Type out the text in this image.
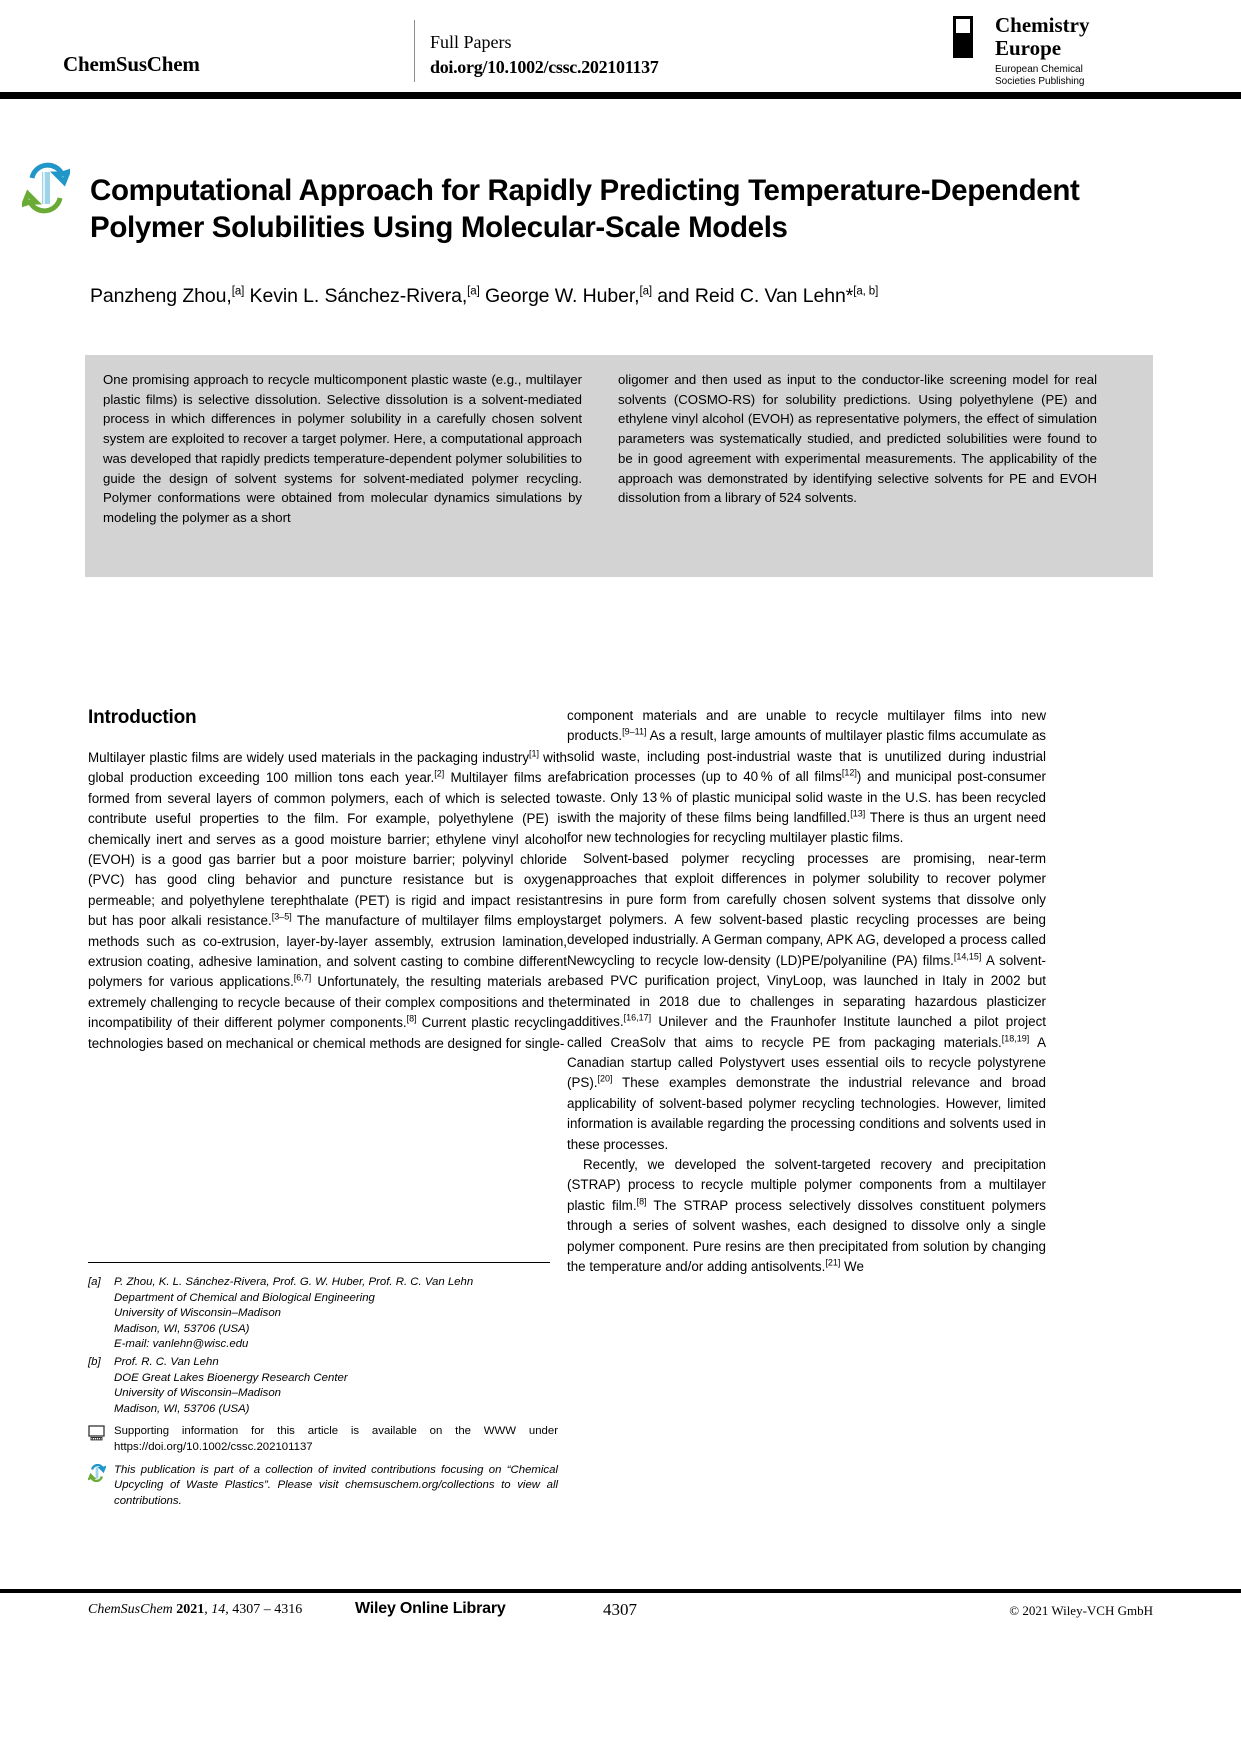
ChemSusChem
Full Papers
doi.org/10.1002/cssc.202101137
Chemistry
Europe
European Chemical
Societies Publishing
Computational Approach for Rapidly Predicting Temperature-Dependent Polymer Solubilities Using Molecular-Scale Models
Panzheng Zhou,[a] Kevin L. Sánchez-Rivera,[a] George W. Huber,[a] and Reid C. Van Lehn*[a, b]
One promising approach to recycle multicomponent plastic waste (e.g., multilayer plastic films) is selective dissolution. Selective dissolution is a solvent-mediated process in which differences in polymer solubility in a carefully chosen solvent system are exploited to recover a target polymer. Here, a computational approach was developed that rapidly predicts temperature-dependent polymer solubilities to guide the design of solvent systems for solvent-mediated polymer recycling. Polymer conformations were obtained from molecular dynamics simulations by modeling the polymer as a short
oligomer and then used as input to the conductor-like screening model for real solvents (COSMO-RS) for solubility predictions. Using polyethylene (PE) and ethylene vinyl alcohol (EVOH) as representative polymers, the effect of simulation parameters was systematically studied, and predicted solubilities were found to be in good agreement with experimental measurements. The applicability of the approach was demonstrated by identifying selective solvents for PE and EVOH dissolution from a library of 524 solvents.
Introduction

Multilayer plastic films are widely used materials in the packaging industry[1] with global production exceeding 100 million tons each year.[2] Multilayer films are formed from several layers of common polymers, each of which is selected to contribute useful properties to the film. For example, polyethylene (PE) is chemically inert and serves as a good moisture barrier; ethylene vinyl alcohol (EVOH) is a good gas barrier but a poor moisture barrier; polyvinyl chloride (PVC) has good cling behavior and puncture resistance but is oxygen permeable; and polyethylene terephthalate (PET) is rigid and impact resistant but has poor alkali resistance.[3–5] The manufacture of multilayer films employs methods such as co-extrusion, layer-by-layer assembly, extrusion lamination, extrusion coating, adhesive lamination, and solvent casting to combine different polymers for various applications.[6,7] Unfortunately, the resulting materials are extremely challenging to recycle because of their complex compositions and the incompatibility of their different polymer components.[8] Current plastic recycling technologies based on mechanical or chemical methods are designed for single-

component materials and are unable to recycle multilayer films into new products.[9–11] As a result, large amounts of multilayer plastic films accumulate as solid waste, including post-industrial waste that is unutilized during industrial fabrication processes (up to 40 % of all films[12]) and municipal post-consumer waste. Only 13 % of plastic municipal solid waste in the U.S. has been recycled with the majority of these films being landfilled.[13] There is thus an urgent need for new technologies for recycling multilayer plastic films.

Solvent-based polymer recycling processes are promising, near-term approaches that exploit differences in polymer solubility to recover polymer resins in pure form from carefully chosen solvent systems that dissolve only target polymers. A few solvent-based plastic recycling processes are being developed industrially. A German company, APK AG, developed a process called Newcycling to recycle low-density (LD)PE/polyaniline (PA) films.[14,15] A solvent-based PVC purification project, VinyLoop, was launched in Italy in 2002 but terminated in 2018 due to challenges in separating hazardous plasticizer additives.[16,17] Unilever and the Fraunhofer Institute launched a pilot project called CreaSolv that aims to recycle PE from packaging materials.[18,19] A Canadian startup called Polystyvert uses essential oils to recycle polystyrene (PS).[20] These examples demonstrate the industrial relevance and broad applicability of solvent-based polymer recycling technologies. However, limited information is available regarding the processing conditions and solvents used in these processes.

Recently, we developed the solvent-targeted recovery and precipitation (STRAP) process to recycle multiple polymer components from a multilayer plastic film.[8] The STRAP process selectively dissolves constituent polymers through a series of solvent washes, each designed to dissolve only a single polymer component. Pure resins are then precipitated from solution by changing the temperature and/or adding antisolvents.[21] We

[a]	P. Zhou, K. L. Sánchez-Rivera, Prof. G. W. Huber, Prof. R. C. Van Lehn
Department of Chemical and Biological Engineering
University of Wisconsin–Madison
Madison, WI, 53706 (USA)
E-mail: vanlehn@wisc.edu
[b]	Prof. R. C. Van Lehn
DOE Great Lakes Bioenergy Research Center
University of Wisconsin–Madison
Madison, WI, 53706 (USA)
Supporting information for this article is available on the WWW under https://doi.org/10.1002/cssc.202101137
This publication is part of a collection of invited contributions focusing on “Chemical Upcycling of Waste Plastics”. Please visit chemsuschem.org/collections to view all contributions.
ChemSusChem 2021, 14, 4307 – 4316	Wiley Online Library	4307	© 2021 Wiley-VCH GmbH
